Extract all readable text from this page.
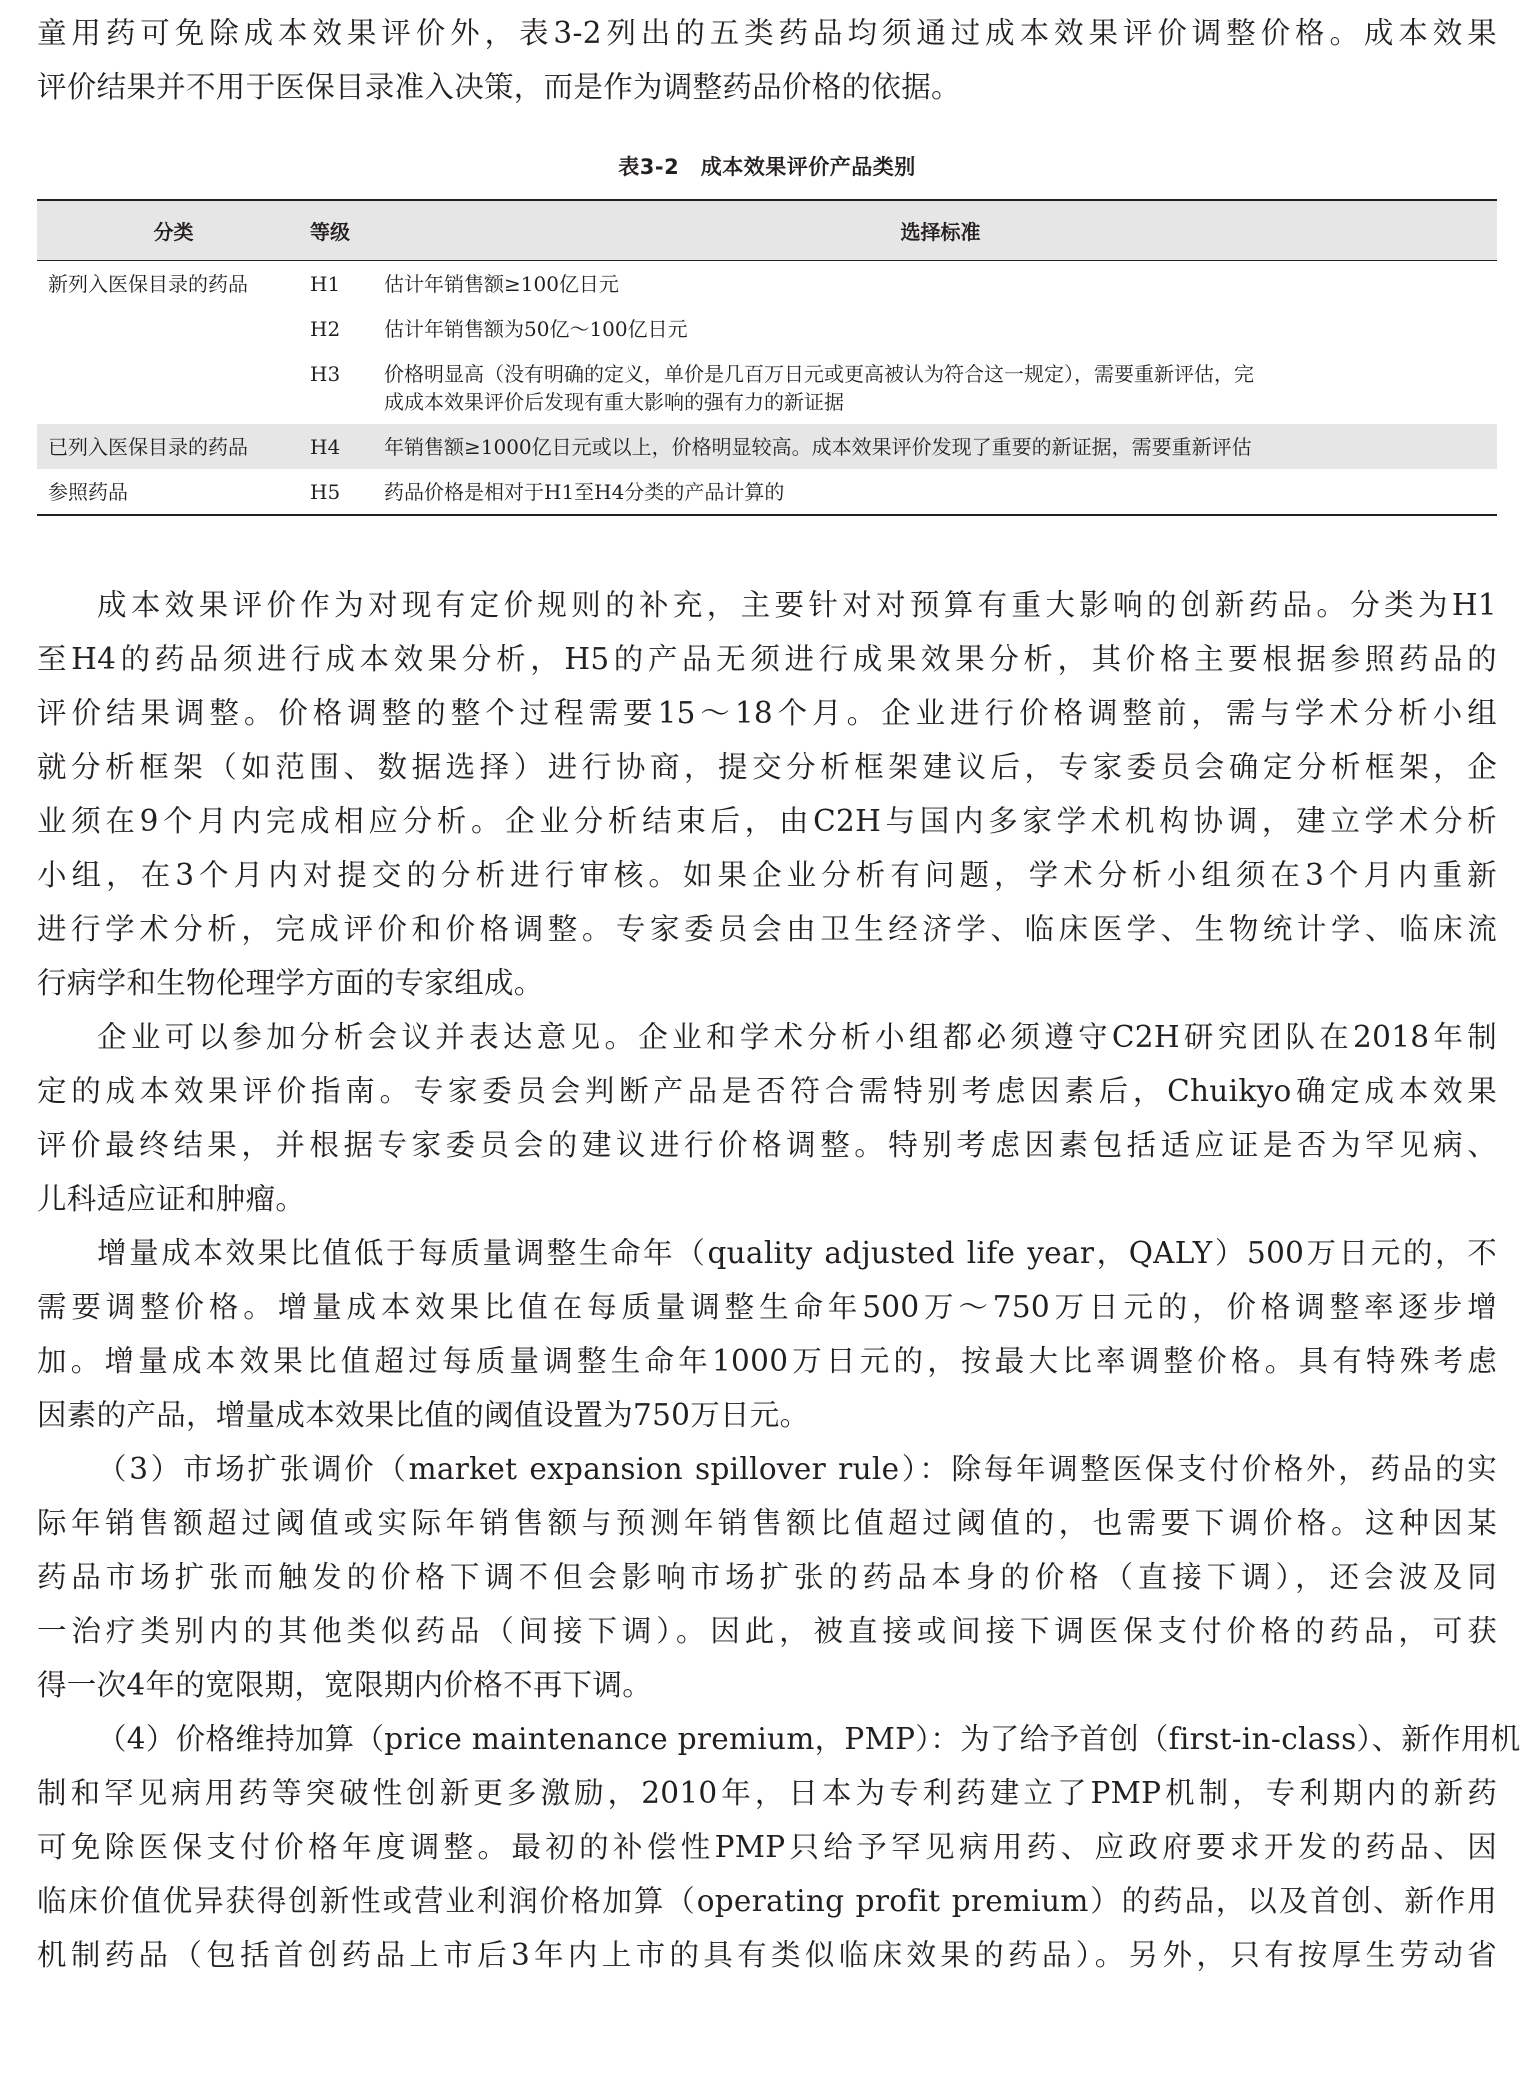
童用药可免除成本效果评价外，表3-2列出的五类药品均须通过成本效果评价调整价格。成本效果
评价结果并不用于医保目录准入决策，而是作为调整药品价格的依据。
表3-2　成本效果评价产品类别
分类	等级	选择标准
新列入医保目录的药品	H1	估计年销售额≥100亿日元
	H2	估计年销售额为50亿～100亿日元
	H3	价格明显高（没有明确的定义，单价是几百万日元或更高被认为符合这一规定），需要重新评估，完
成成本效果评价后发现有重大影响的强有力的新证据

已列入医保目录的药品	H4	年销售额≥1000亿日元或以上，价格明显较高。成本效果评价发现了重要的新证据，需要重新评估
参照药品	H5	药品价格是相对于H1至H4分类的产品计算的
成本效果评价作为对现有定价规则的补充，主要针对对预算有重大影响的创新药品。分类为H1
至H4的药品须进行成本效果分析，H5的产品无须进行成果效果分析，其价格主要根据参照药品的
评价结果调整。价格调整的整个过程需要15～18个月。企业进行价格调整前，需与学术分析小组
就分析框架（如范围、数据选择）进行协商，提交分析框架建议后，专家委员会确定分析框架，企
业须在9个月内完成相应分析。企业分析结束后，由C2H与国内多家学术机构协调，建立学术分析
小组，在3个月内对提交的分析进行审核。如果企业分析有问题，学术分析小组须在3个月内重新
进行学术分析，完成评价和价格调整。专家委员会由卫生经济学、临床医学、生物统计学、临床流
行病学和生物伦理学方面的专家组成。
企业可以参加分析会议并表达意见。企业和学术分析小组都必须遵守C2H研究团队在2018年制
定的成本效果评价指南。专家委员会判断产品是否符合需特别考虑因素后，Chuikyo确定成本效果
评价最终结果，并根据专家委员会的建议进行价格调整。特别考虑因素包括适应证是否为罕见病、
儿科适应证和肿瘤。
增量成本效果比值低于每质量调整生命年（quality adjusted life year，QALY）500万日元的，不
需要调整价格。增量成本效果比值在每质量调整生命年500万～750万日元的，价格调整率逐步增
加。增量成本效果比值超过每质量调整生命年1000万日元的，按最大比率调整价格。具有特殊考虑
因素的产品，增量成本效果比值的阈值设置为750万日元。
（3）市场扩张调价（market expansion spillover rule）：除每年调整医保支付价格外，药品的实
际年销售额超过阈值或实际年销售额与预测年销售额比值超过阈值的，也需要下调价格。这种因某
药品市场扩张而触发的价格下调不但会影响市场扩张的药品本身的价格（直接下调），还会波及同
一治疗类别内的其他类似药品（间接下调）。因此，被直接或间接下调医保支付价格的药品，可获
得一次4年的宽限期，宽限期内价格不再下调。
（4）价格维持加算（price maintenance premium，PMP）：为了给予首创（first-in-class）、新作用机
制和罕见病用药等突破性创新更多激励，2010年，日本为专利药建立了PMP机制，专利期内的新药
可免除医保支付价格年度调整。最初的补偿性PMP只给予罕见病用药、应政府要求开发的药品、因
临床价值优异获得创新性或营业利润价格加算（operating profit premium）的药品，以及首创、新作用
机制药品（包括首创药品上市后3年内上市的具有类似临床效果的药品）。另外，只有按厚生劳动省
